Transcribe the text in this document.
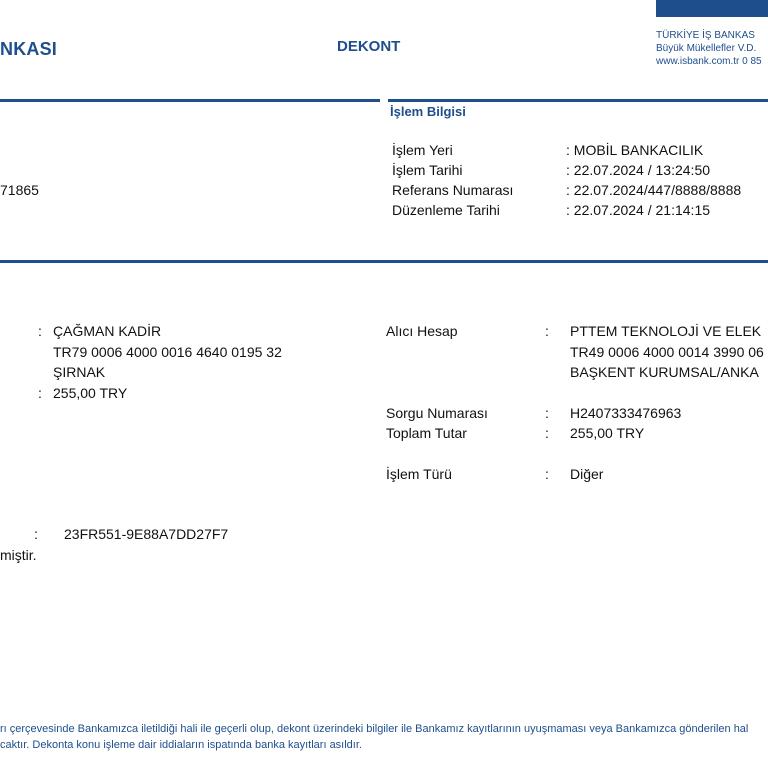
NKASI	DEKONT
TÜRKİYE İŞ BANKAS
Büyük Mükellefler V.D.
www.isbank.com.tr 0 85
İşlem Bilgisi
İşlem Yeri	: MOBİL BANKACILIK
İşlem Tarihi	: 22.07.2024 / 13:24:50
Referans Numarası	: 22.07.2024/447/8888/8888
Düzenleme Tarihi	: 22.07.2024 / 21:14:15
71865
: ÇAĞMAN KADİR
TR79 0006 4000 0016 4640 0195 32
ŞIRNAK
: 255,00 TRY
Alıcı Hesap	: PTTEM TEKNOLOJİ VE ELEK
TR49 0006 4000 0014 3990 06
BAŞKENT KURUMSAL/ANKA
Sorgu Numarası	: H2407333476963
Toplam Tutar	: 255,00 TRY
İşlem Türü	: Diğer
: 23FR551-9E88A7DD27F7
miştir.
rı çerçevesinde Bankamızca iletildiği hali ile geçerli olup, dekont üzerindeki bilgiler ile Bankamız kayıtlarının uyuşmaması veya Bankamızca gönderilen hal
caktır. Dekonta konu işleme dair iddiaların ispatında banka kayıtları asıldır.
